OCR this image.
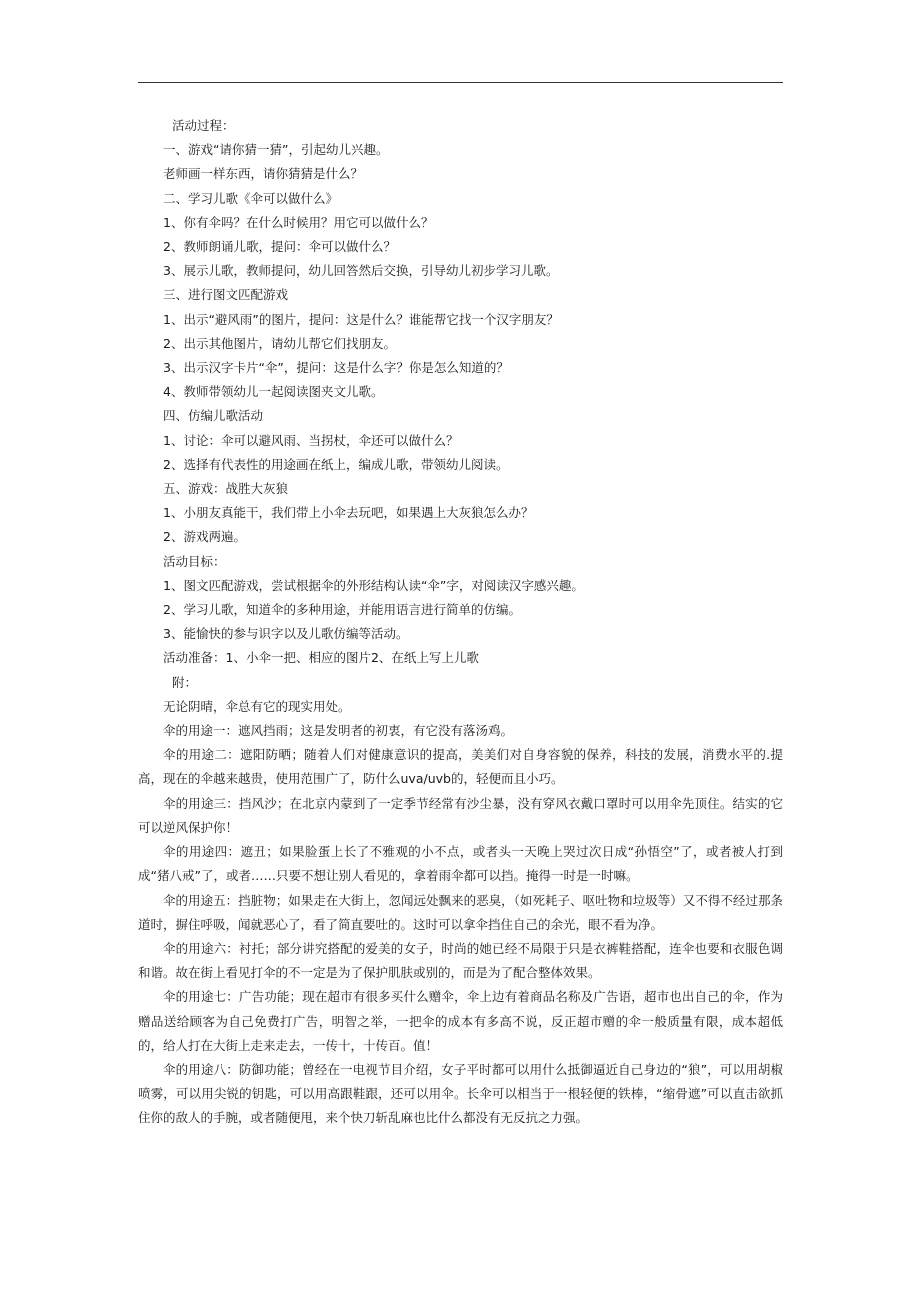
活动过程：
一、游戏“请你猜一猜”，引起幼儿兴趣。
老师画一样东西，请你猜猜是什么？
二、学习儿歌《伞可以做什么》
1、你有伞吗？在什么时候用？用它可以做什么？
2、教师朗诵儿歌，提问：伞可以做什么？
3、展示儿歌，教师提问，幼儿回答然后交换，引导幼儿初步学习儿歌。
三、进行图文匹配游戏
1、出示“避风雨”的图片，提问：这是什么？谁能帮它找一个汉字朋友？
2、出示其他图片，请幼儿帮它们找朋友。
3、出示汉字卡片“伞”，提问：这是什么字？你是怎么知道的？
4、教师带领幼儿一起阅读图夹文儿歌。
四、仿编儿歌活动
1、讨论：伞可以避风雨、当拐杖，伞还可以做什么？
2、选择有代表性的用途画在纸上，编成儿歌，带领幼儿阅读。
五、游戏：战胜大灰狼
1、小朋友真能干，我们带上小伞去玩吧，如果遇上大灰狼怎么办？
2、游戏两遍。
活动目标：
1、图文匹配游戏，尝试根据伞的外形结构认读“伞”字，对阅读汉字感兴趣。
2、学习儿歌，知道伞的多种用途，并能用语言进行简单的仿编。
3、能愉快的参与识字以及儿歌仿编等活动。
活动准备：1、小伞一把、相应的图片2、在纸上写上儿歌
附：
无论阴晴，伞总有它的现实用处。
伞的用途一：遮风挡雨；这是发明者的初衷，有它没有落汤鸡。
伞的用途二：遮阳防晒；随着人们对健康意识的提高，美美们对自身容貌的保养，科技的发展，消费水平的.提高，现在的伞越来越贵，使用范围广了，防什么uva/uvb的，轻便而且小巧。
伞的用途三：挡风沙；在北京内蒙到了一定季节经常有沙尘暴，没有穿风衣戴口罩时可以用伞先顶住。结实的它可以逆风保护你！
伞的用途四：遮丑；如果脸蛋上长了不雅观的小不点，或者头一天晚上哭过次日成“孙悟空”了，或者被人打到成“猪八戒”了，或者……只要不想让别人看见的，拿着雨伞都可以挡。掩得一时是一时嘛。
伞的用途五：挡脏物；如果走在大街上，忽闻远处飘来的恶臭，（如死耗子、呕吐物和垃圾等）又不得不经过那条道时，摒住呼吸，闻就恶心了，看了简直要吐的。这时可以拿伞挡住自己的余光，眼不看为净。
伞的用途六：衬托；部分讲究搭配的爱美的女子，时尚的她已经不局限于只是衣裤鞋搭配，连伞也要和衣服色调和谐。故在街上看见打伞的不一定是为了保护肌肤或别的，而是为了配合整体效果。
伞的用途七：广告功能；现在超市有很多买什么赠伞，伞上边有着商品名称及广告语，超市也出自己的伞，作为赠品送给顾客为自己免费打广告，明智之举，一把伞的成本有多高不说，反正超市赠的伞一般质量有限，成本超低的，给人打在大街上走来走去，一传十，十传百。值！
伞的用途八：防御功能；曾经在一电视节目介绍，女子平时都可以用什么抵御逼近自己身边的“狼”，可以用胡椒喷雾，可以用尖锐的钥匙，可以用高跟鞋跟，还可以用伞。长伞可以相当于一根轻便的铁棒，“缩骨遮”可以直击欲抓住你的敌人的手腕，或者随便甩，来个快刀斩乱麻也比什么都没有无反抗之力强。
